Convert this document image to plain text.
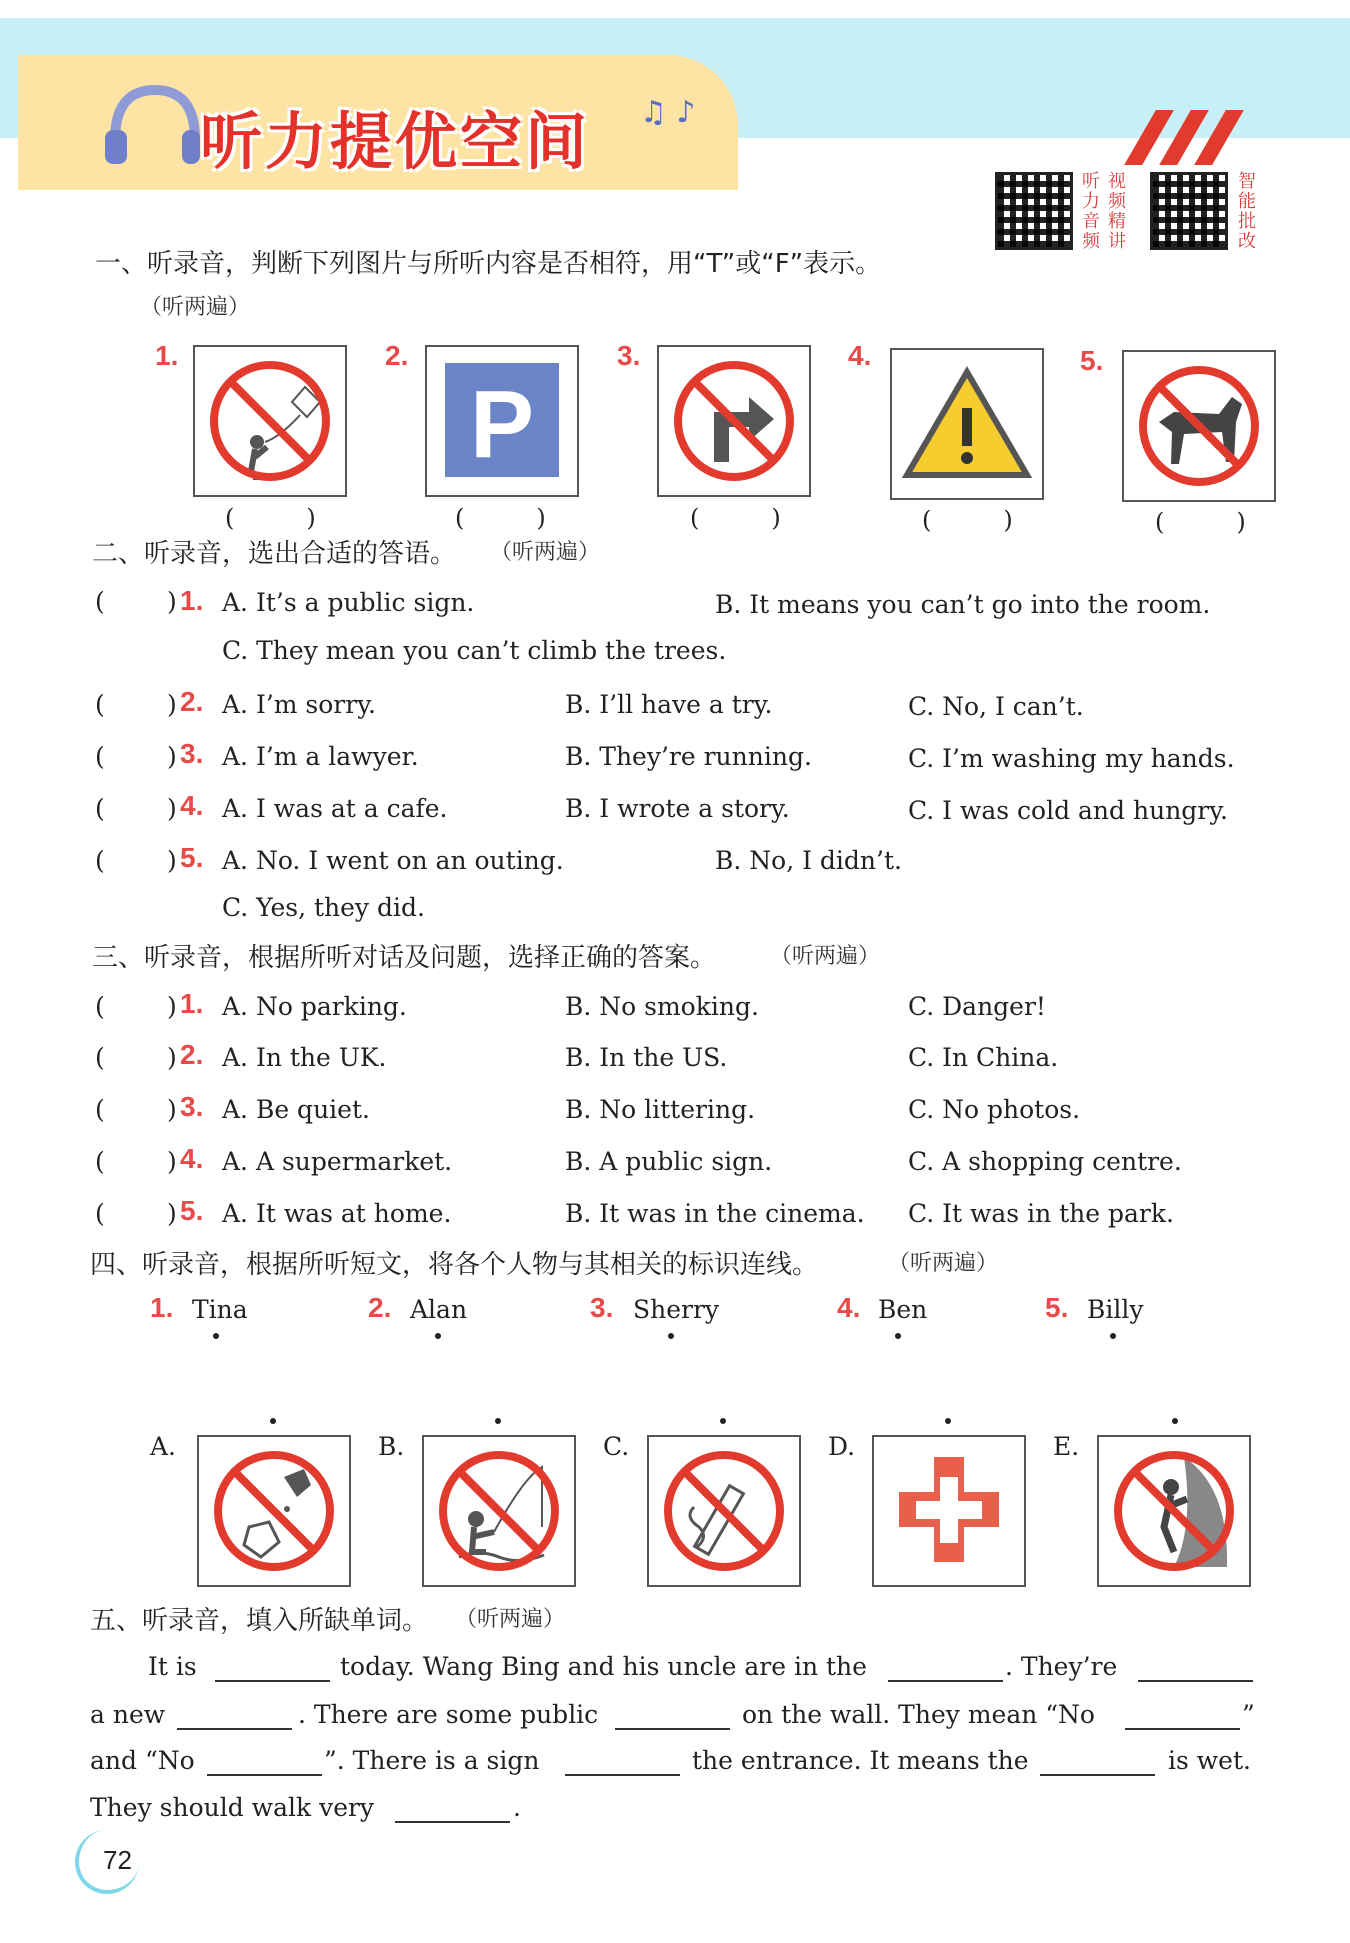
听力提优空间 ♫ ♪
听力音频
视频精讲
智能批改
一、听录音，判断下列图片与所听内容是否相符，用“T”或“F”表示。
（听两遍）
1.	2.
P
3.	4.	5.
(　　　)	(　　　)	(　　　)	(　　　)	(　　　)
二、听录音，选出合适的答语。 （听两遍）
( ) 1. A. It’s a public sign.	B. It means you can’t go into the room.
C. They mean you can’t climb the trees.
( ) 2. A. I’m sorry.	B. I’ll have a try.	C. No, I can’t.
( ) 3. A. I’m a lawyer.	B. They’re running.	C. I’m washing my hands.
( ) 4. A. I was at a cafe.	B. I wrote a story.	C. I was cold and hungry.
( ) 5. A. No. I went on an outing.	B. No, I didn’t.
C. Yes, they did.
三、听录音，根据所听对话及问题，选择正确的答案。 （听两遍）
( ) 1. A. No parking.	B. No smoking.	C. Danger!
( ) 2. A. In the UK.	B. In the US.	C. In China.
( ) 3. A. Be quiet.	B. No littering.	C. No photos.
( ) 4. A. A supermarket.	B. A public sign.	C. A shopping centre.
( ) 5. A. It was at home.	B. It was in the cinema. C. It was in the park.
四、听录音，根据所听短文，将各个人物与其相关的标识连线。	（听两遍）
1. Tina	2. Alan	3. Sherry	4. Ben	5. Billy
A.	B.	C.	D.	E.
五、听录音，填入所缺单词。 （听两遍）
It is	today. Wang Bing and his uncle are in the	. They’re
a new	. There are some public	on the wall. They mean “No	”
and “No	”. There is a sign	the entrance. It means the	is wet.
They should walk very	.
72
